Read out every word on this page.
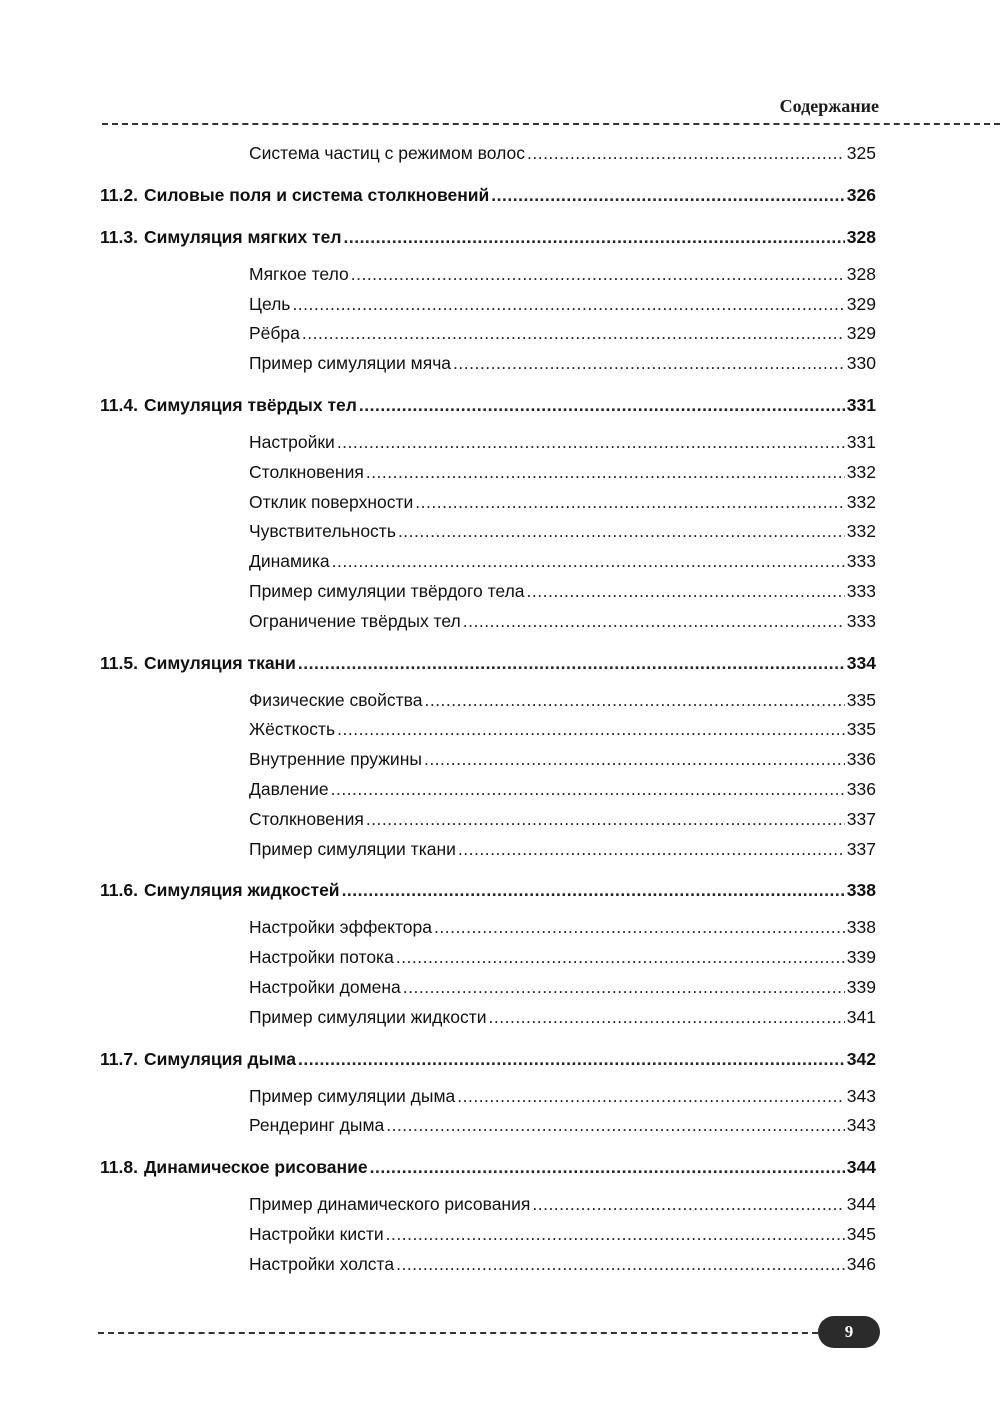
Содержание
Система частиц с режимом волос .....	325
11.2. Силовые поля и система столкновений .....	326
11.3. Симуляция мягких тел .....	328
Мягкое тело .....	328
Цель .....	329
Рёбра .....	329
Пример симуляции мяча .....	330
11.4. Симуляция твёрдых тел .....	331
Настройки .....	331
Столкновения .....	332
Отклик поверхности .....	332
Чувствительность .....	332
Динамика .....	333
Пример симуляции твёрдого тела .....	333
Ограничение твёрдых тел .....	333
11.5. Симуляция ткани .....	334
Физические свойства .....	335
Жёсткость .....	335
Внутренние пружины .....	336
Давление .....	336
Столкновения .....	337
Пример симуляции ткани .....	337
11.6. Симуляция жидкостей .....	338
Настройки эффектора .....	338
Настройки потока .....	339
Настройки домена .....	339
Пример симуляции жидкости .....	341
11.7. Симуляция дыма .....	342
Пример симуляции дыма .....	343
Рендеринг дыма .....	343
11.8. Динамическое рисование .....	344
Пример динамического рисования .....	344
Настройки кисти .....	345
Настройки холста .....	346
9
